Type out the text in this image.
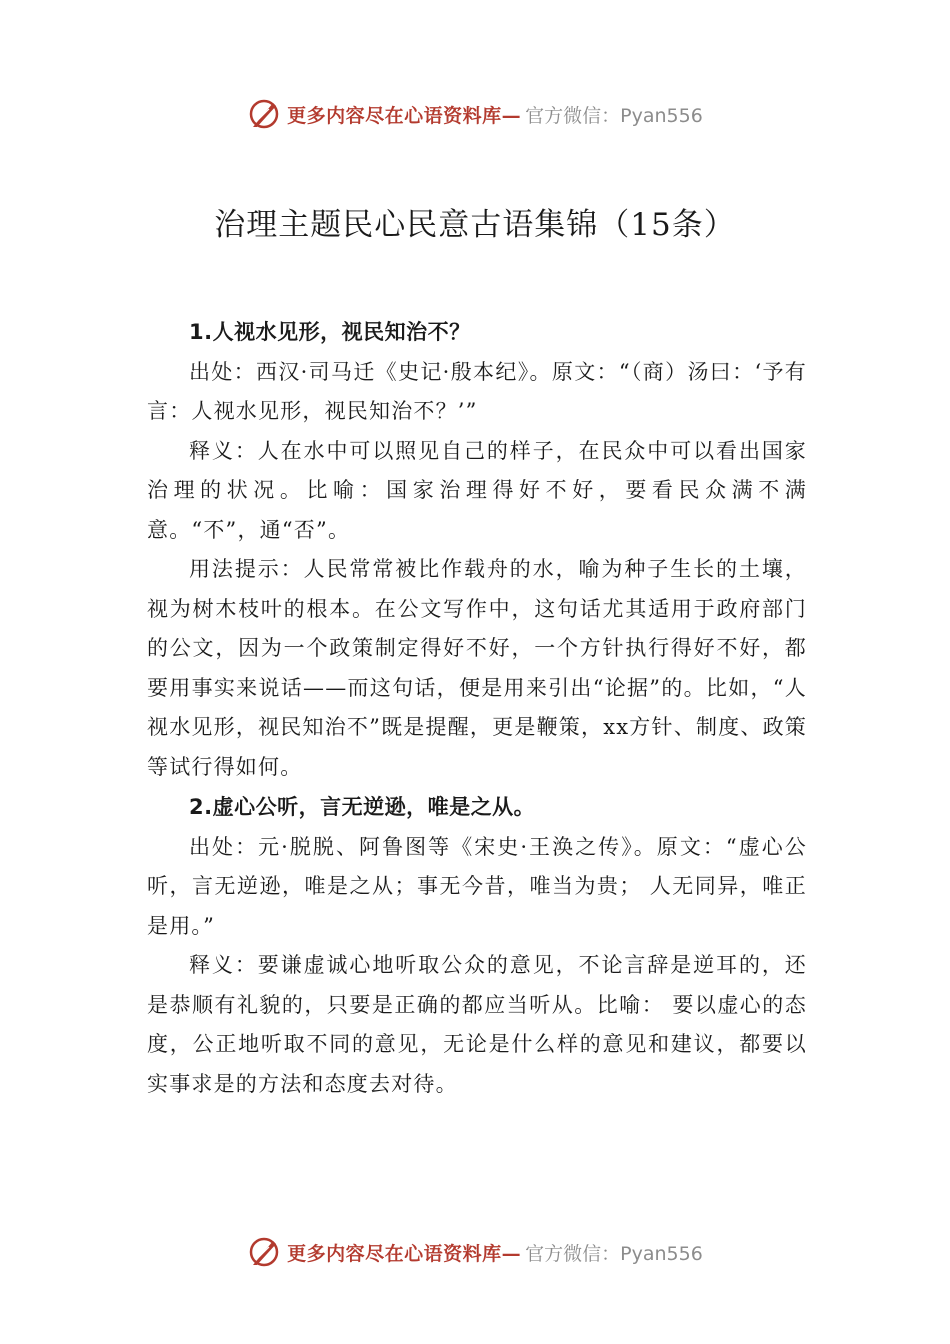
更多内容尽在心语资料库— 官方微信：Pyan556
治理主题民心民意古语集锦（15条）

1.人视水见形，视民知治不？

出处：西汉·司马迁《史记·殷本纪》。原文：“（商）汤曰：‘予有言：人视水见形，视民知治不？’”

释义：人在水中可以照见自己的样子，在民众中可以看出国家治理的状况。比喻：国家治理得好不好，要看民众满不满意。“不”，通“否”。

用法提示：人民常常被比作载舟的水，喻为种子生长的土壤，视为树木枝叶的根本。在公文写作中，这句话尤其适用于政府部门的公文，因为一个政策制定得好不好，一个方针执行得好不好，都要用事实来说话——而这句话，便是用来引出“论据”的。比如，“人视水见形，视民知治不”既是提醒，更是鞭策，xx方针、制度、政策等试行得如何。

2.虚心公听，言无逆逊，唯是之从。

出处：元·脱脱、阿鲁图等《宋史·王涣之传》。原文：“虚心公听，言无逆逊，唯是之从；事无今昔，唯当为贵； 人无同异，唯正是用。”

释义：要谦虚诚心地听取公众的意见，不论言辞是逆耳的，还是恭顺有礼貌的，只要是正确的都应当听从。比喻： 要以虚心的态度，公正地听取不同的意见，无论是什么样的意见和建议，都要以实事求是的方法和态度去对待。

更多内容尽在心语资料库— 官方微信：Pyan556
